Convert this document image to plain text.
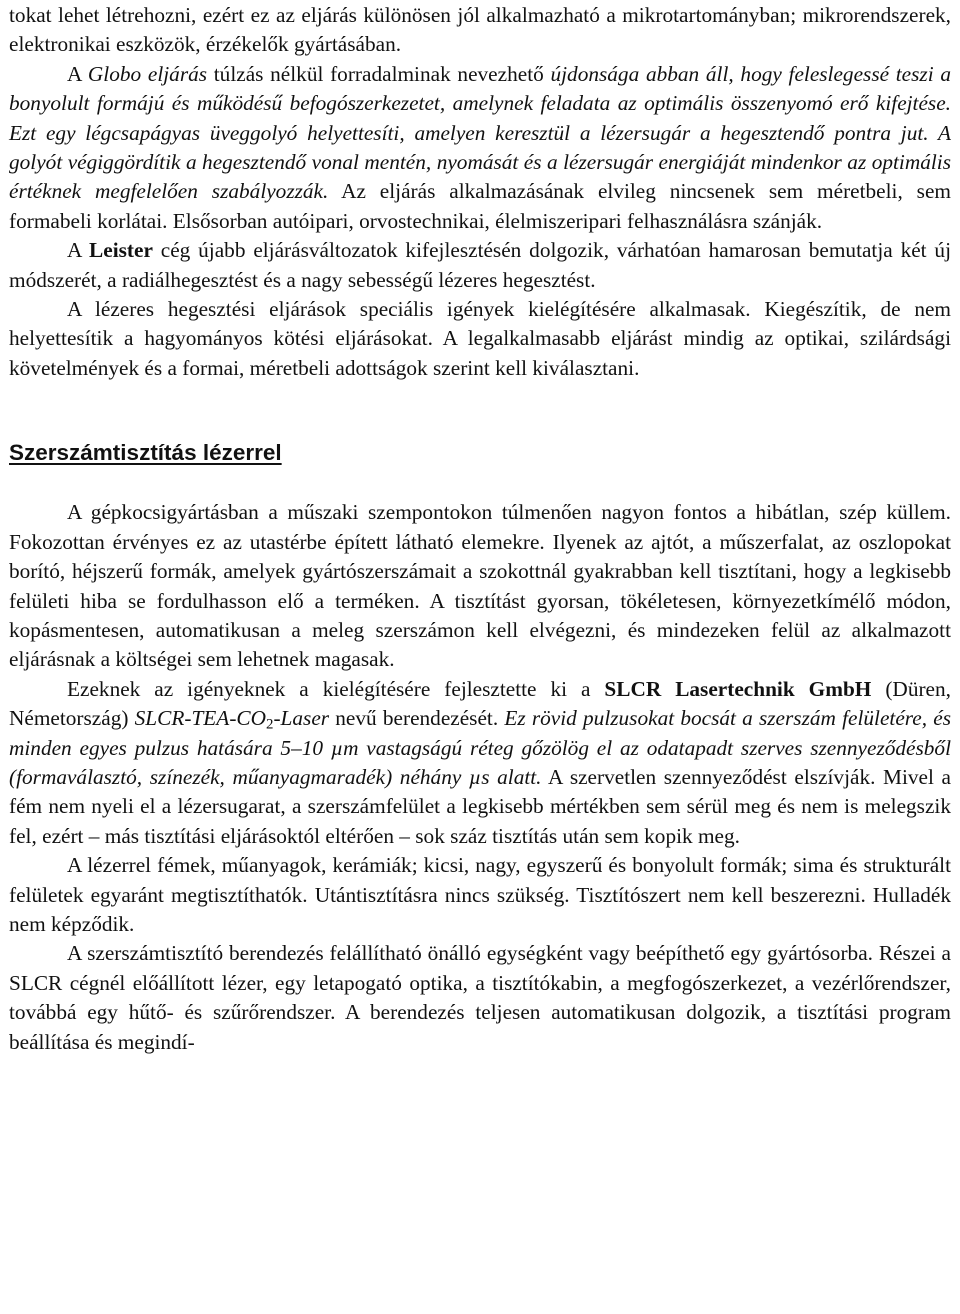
tokat lehet létrehozni, ezért ez az eljárás különösen jól alkalmazható a mikrotartományban; mikrorendszerek, elektronikai eszközök, érzékelők gyártásában.

A Globo eljárás túlzás nélkül forradalminak nevezhető újdonsága abban áll, hogy feleslegessé teszi a bonyolult formájú és működésű befogószerkezetet, amelynek feladata az optimális összenyomó erő kifejtése. Ezt egy légcsapágyas üveggolyó helyettesíti, amelyen keresztül a lézersugár a hegesztendő pontra jut. A golyót végiggördítik a hegesztendő vonal mentén, nyomását és a lézersugár energiáját mindenkor az optimális értéknek megfelelően szabályozzák. Az eljárás alkalmazásának elvileg nincsenek sem méretbeli, sem formabeli korlátai. Elsősorban autóipari, orvostechnikai, élelmiszeripari felhasználásra szánják.

A Leister cég újabb eljárásváltozatok kifejlesztésén dolgozik, várhatóan hamarosan bemutatja két új módszerét, a radiálhegesztést és a nagy sebességű lézeres hegesztést.

A lézeres hegesztési eljárások speciális igények kielégítésére alkalmasak. Kiegészítik, de nem helyettesítik a hagyományos kötési eljárásokat. A legalkalmasabb eljárást mindig az optikai, szilárdsági követelmények és a formai, méretbeli adottságok szerint kell kiválasztani.

Szerszámtisztítás lézerrel

A gépkocsigyártásban a műszaki szempontokon túlmenően nagyon fontos a hibátlan, szép küllem. Fokozottan érvényes ez az utastérbe épített látható elemekre. Ilyenek az ajtót, a műszerfalat, az oszlopokat borító, héjszerű formák, amelyek gyártószerszámait a szokottnál gyakrabban kell tisztítani, hogy a legkisebb felületi hiba se fordulhasson elő a terméken. A tisztítást gyorsan, tökéletesen, környezetkímélő módon, kopásmentesen, automatikusan a meleg szerszámon kell elvégezni, és mindezeken felül az alkalmazott eljárásnak a költségei sem lehetnek magasak.

Ezeknek az igényeknek a kielégítésére fejlesztette ki a SLCR Lasertechnik GmbH (Düren, Németország) SLCR-$TEA-CO_2$-Laser nevű berendezését. Ez rövid pulzusokat bocsát a szerszám felületére, és minden egyes pulzus hatására 5–10 µm vastagságú réteg gőzölög el az odatapadt szerves szennyeződésből (formaválasztó, színezék, műanyagmaradék) néhány µs alatt. A szervetlen szennyeződést elszívják. Mivel a fém nem nyeli el a lézersugarat, a szerszámfelület a legkisebb mértékben sem sérül meg és nem is melegszik fel, ezért – más tisztítási eljárásoktól eltérően – sok száz tisztítás után sem kopik meg.

A lézerrel fémek, műanyagok, kerámiák; kicsi, nagy, egyszerű és bonyolult formák; sima és strukturált felületek egyaránt megtisztíthatók. Utántisztításra nincs szükség. Tisztítószert nem kell beszerezni. Hulladék nem képződik.

A szerszámtisztító berendezés felállítható önálló egységként vagy beépíthető egy gyártósorba. Részei a SLCR cégnél előállított lézer, egy letapogató optika, a tisztítókabin, a megfogószerkezet, a vezérlőrendszer, továbbá egy hűtő- és szűrőrendszer. A berendezés teljesen automatikusan dolgozik, a tisztítási program beállítása és megindí-
